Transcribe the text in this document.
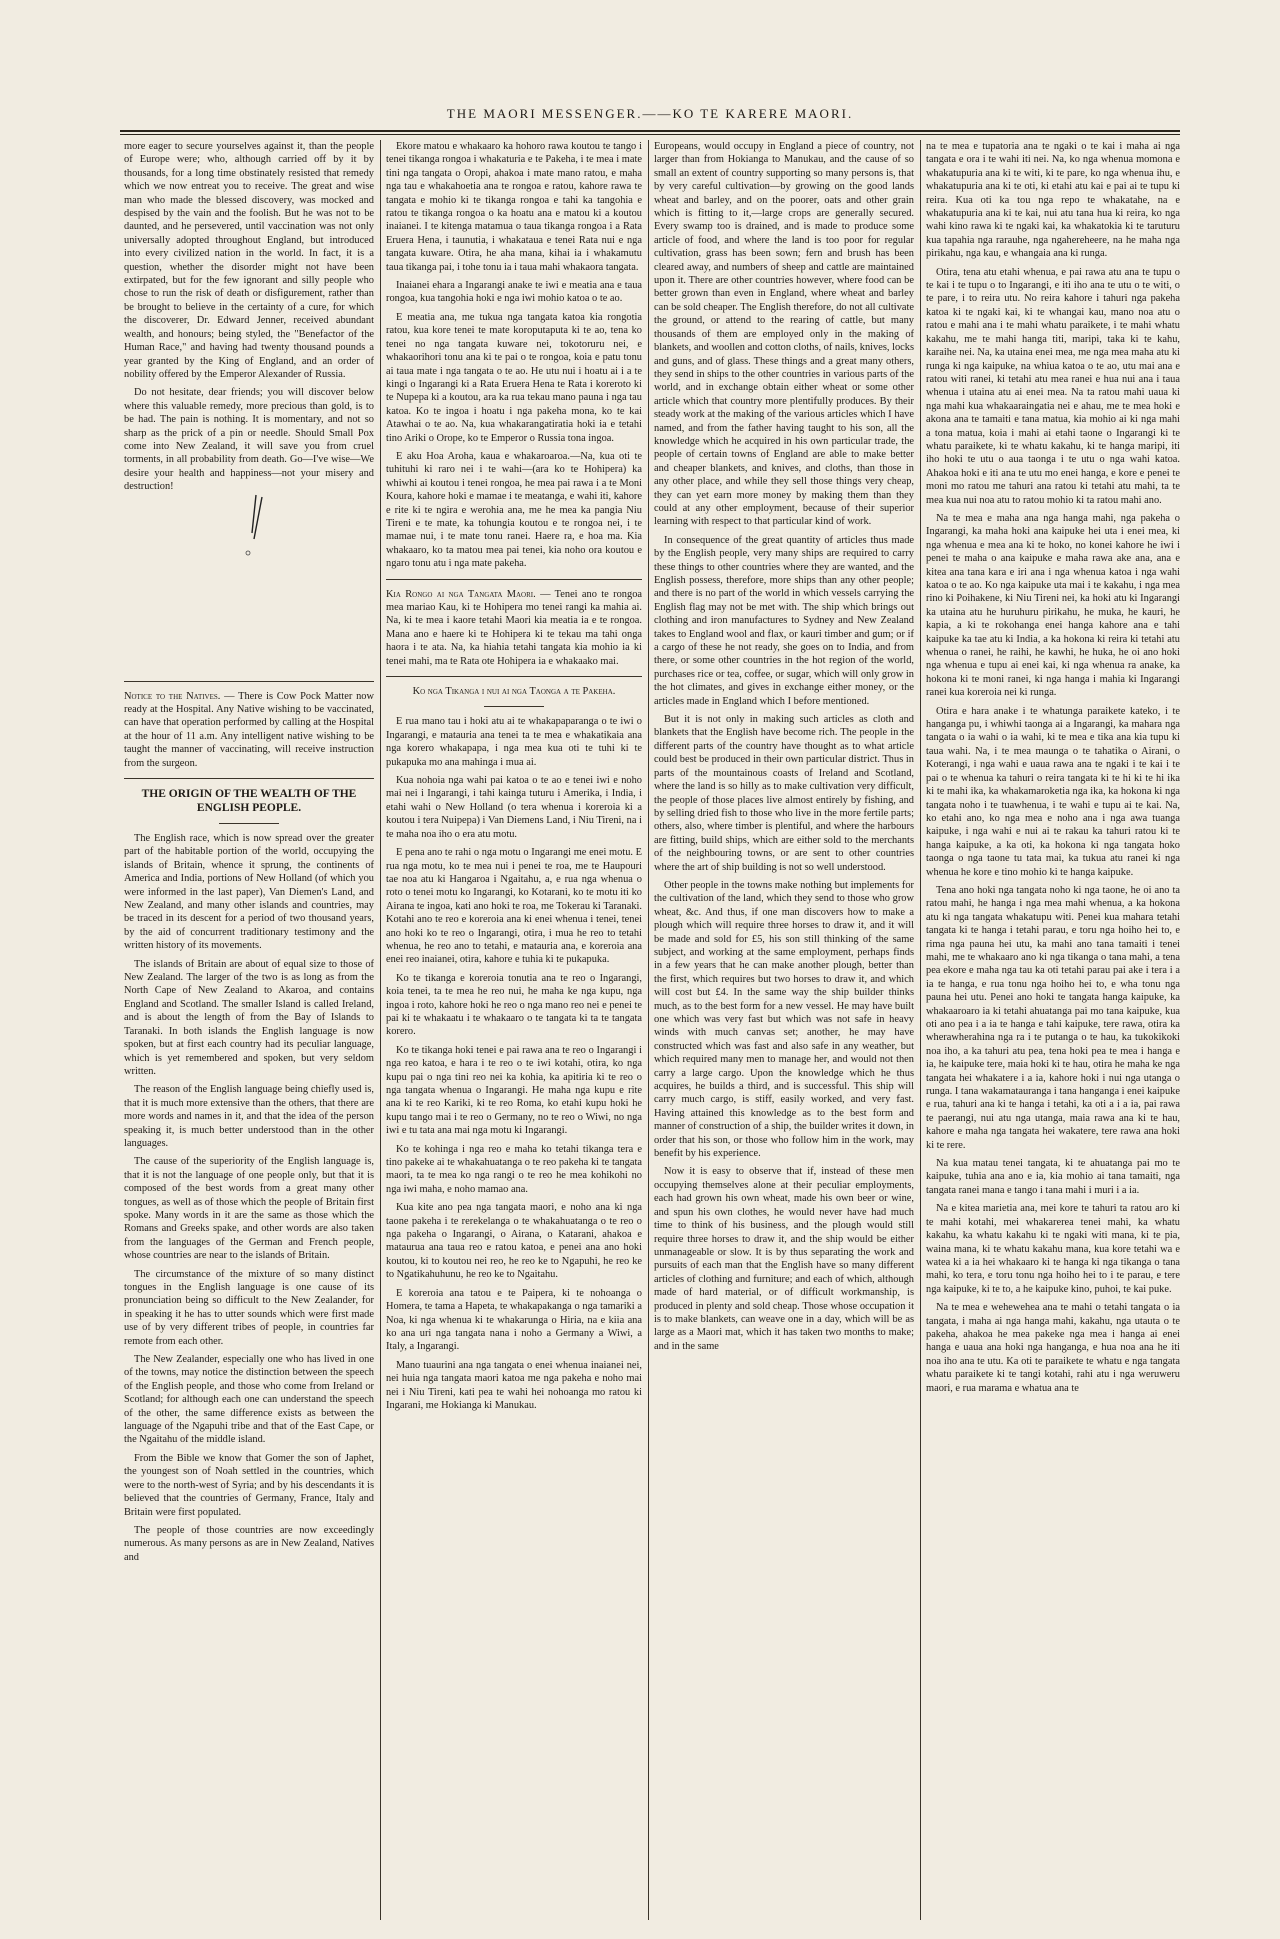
THE MAORI MESSENGER.——KO TE KARERE MAORI.

more eager to secure yourselves against it, than the people of Europe were; who, although carried off by it by thousands, for a long time obstinately resisted that remedy which we now entreat you to receive. The great and wise man who made the blessed discovery, was mocked and despised by the vain and the foolish. But he was not to be daunted, and he persevered, until vaccination was not only universally adopted throughout England, but introduced into every civilized nation in the world. In fact, it is a question, whether the disorder might not have been extirpated, but for the few ignorant and silly people who chose to run the risk of death or disfigurement, rather than be brought to believe in the certainty of a cure, for which the discoverer, Dr. Edward Jenner, received abundant wealth, and honours; being styled, the "Benefactor of the Human Race," and having had twenty thousand pounds a year granted by the King of England, and an order of nobility offered by the Emperor Alexander of Russia.

Do not hesitate, dear friends; you will discover below where this valuable remedy, more precious than gold, is to be had. The pain is nothing. It is momentary, and not so sharp as the prick of a pin or needle. Should Small Pox come into New Zealand, it will save you from cruel torments, in all probability from death. Go—I've wise—We desire your health and happiness—not your misery and destruction!

Notice to the Natives. — There is Cow Pock Matter now ready at the Hospital. Any Native wishing to be vaccinated, can have that operation performed by calling at the Hospital at the hour of 11 a.m. Any intelligent native wishing to be taught the manner of vaccinating, will receive instruction from the surgeon.

THE ORIGIN OF THE WEALTH OF THE ENGLISH PEOPLE.

The English race, which is now spread over the greater part of the habitable portion of the world, occupying the islands of Britain, whence it sprung, the continents of America and India, portions of New Holland (of which you were informed in the last paper), Van Diemen's Land, and New Zealand, and many other islands and countries, may be traced in its descent for a period of two thousand years, by the aid of concurrent traditionary testimony and the written history of its movements.

The islands of Britain are about of equal size to those of New Zealand. The larger of the two is as long as from the North Cape of New Zealand to Akaroa, and contains England and Scotland. The smaller Island is called Ireland, and is about the length of from the Bay of Islands to Taranaki. In both islands the English language is now spoken, but at first each country had its peculiar language, which is yet remembered and spoken, but very seldom written.

The reason of the English language being chiefly used is, that it is much more extensive than the others, that there are more words and names in it, and that the idea of the person speaking it, is much better understood than in the other languages.

The cause of the superiority of the English language is, that it is not the language of one people only, but that it is composed of the best words from a great many other tongues, as well as of those which the people of Britain first spoke. Many words in it are the same as those which the Romans and Greeks spake, and other words are also taken from the languages of the German and French people, whose countries are near to the islands of Britain.

The circumstance of the mixture of so many distinct tongues in the English language is one cause of its pronunciation being so difficult to the New Zealander, for in speaking it he has to utter sounds which were first made use of by very different tribes of people, in countries far remote from each other.

The New Zealander, especially one who has lived in one of the towns, may notice the distinction between the speech of the English people, and those who come from Ireland or Scotland; for although each one can understand the speech of the other, the same difference exists as between the language of the Ngapuhi tribe and that of the East Cape, or the Ngaitahu of the middle island.

From the Bible we know that Gomer the son of Japhet, the youngest son of Noah settled in the countries, which were to the north-west of Syria; and by his descendants it is believed that the countries of Germany, France, Italy and Britain were first populated.

The people of those countries are now exceedingly numerous. As many persons as are in New Zealand, Natives and

Ekore matou e whakaaro ka hohoro rawa koutou te tango i tenei tikanga rongoa i whakaturia e te Pakeha, i te mea i mate tini nga tangata o Oropi, ahakoa i mate mano ratou, e maha nga tau e whakahoetia ana te rongoa e ratou, kahore rawa te tangata e mohio ki te tikanga rongoa e tahi ka tangohia e ratou te tikanga rongoa o ka hoatu ana e matou ki a koutou inaianei. I te kitenga matamua o taua tikanga rongoa i a Rata Eruera Hena, i taunutia, i whakataua e tenei Rata nui e nga tangata kuware. Otira, he aha mana, kihai ia i whakamutu taua tikanga pai, i tohe tonu ia i taua mahi whakaora tangata.

Inaianei ehara a Ingarangi anake te iwi e meatia ana e taua rongoa, kua tangohia hoki e nga iwi mohio katoa o te ao.

E meatia ana, me tukua nga tangata katoa kia rongotia ratou, kua kore tenei te mate koroputaputa ki te ao, tena ko tenei no nga tangata kuware nei, tokotoruru nei, e whakaorihori tonu ana ki te pai o te rongoa, koia e patu tonu ai taua mate i nga tangata o te ao. He utu nui i hoatu ai i a te kingi o Ingarangi ki a Rata Eruera Hena te Rata i koreroto ki te Nupepa ki a koutou, ara ka rua tekau mano pauna i nga tau katoa. Ko te ingoa i hoatu i nga pakeha mona, ko te kai Atawhai o te ao. Na, kua whakarangatiratia hoki ia e tetahi tino Ariki o Orope, ko te Emperor o Russia tona ingoa.

E aku Hoa Aroha, kaua e whakaroaroa.—Na, kua oti te tuhituhi ki raro nei i te wahi—(ara ko te Hohipera) ka whiwhi ai koutou i tenei rongoa, he mea pai rawa i a te Moni Koura, kahore hoki e mamae i te meatanga, e wahi iti, kahore e rite ki te ngira e werohia ana, me he mea ka pangia Niu Tireni e te mate, ka tohungia koutou e te rongoa nei, i te mamae nui, i te mate tonu ranei. Haere ra, e hoa ma. Kia whakaaro, ko ta matou mea pai tenei, kia noho ora koutou e ngaro tonu atu i nga mate pakeha.

Kia Rongo ai nga Tangata Maori. — Tenei ano te rongoa mea mariao Kau, ki te Hohipera mo tenei rangi ka mahia ai. Na, ki te mea i kaore tetahi Maori kia meatia ia e te rongoa. Mana ano e haere ki te Hohipera ki te tekau ma tahi onga haora i te ata. Na, ka hiahia tetahi tangata kia mohio ia ki tenei mahi, ma te Rata ote Hohipera ia e whakaako mai.

Ko nga Tikanga i nui ai nga Taonga a te Pakeha.

E rua mano tau i hoki atu ai te whakapaparanga o te iwi o Ingarangi, e matauria ana tenei ta te mea e whakatikaia ana nga korero whakapapa, i nga mea kua oti te tuhi ki te pukapuka mo ana mahinga i mua ai.

Kua nohoia nga wahi pai katoa o te ao e tenei iwi e noho mai nei i Ingarangi, i tahi kainga tuturu i Amerika, i India, i etahi wahi o New Holland (o tera whenua i koreroia ki a koutou i tera Nuipepa) i Van Diemens Land, i Niu Tireni, na i te maha noa iho o era atu motu.

E pena ano te rahi o nga motu o Ingarangi me enei motu. E rua nga motu, ko te mea nui i penei te roa, me te Haupouri tae noa atu ki Hangaroa i Ngaitahu, a, e rua nga whenua o roto o tenei motu ko Ingarangi, ko Kotarani, ko te motu iti ko Airana te ingoa, kati ano hoki te roa, me Tokerau ki Taranaki. Kotahi ano te reo e koreroia ana ki enei whenua i tenei, tenei ano hoki ko te reo o Ingarangi, otira, i mua he reo to tetahi whenua, he reo ano to tetahi, e matauria ana, e koreroia ana enei reo inaianei, otira, kahore e tuhia ki te pukapuka.

Ko te tikanga e koreroia tonutia ana te reo o Ingarangi, koia tenei, ta te mea he reo nui, he maha ke nga kupu, nga ingoa i roto, kahore hoki he reo o nga mano reo nei e penei te pai ki te whakaatu i te whakaaro o te tangata ki ta te tangata korero.

Ko te tikanga hoki tenei e pai rawa ana te reo o Ingarangi i nga reo katoa, e hara i te reo o te iwi kotahi, otira, ko nga kupu pai o nga tini reo nei ka kohia, ka apitiria ki te reo o nga tangata whenua o Ingarangi. He maha nga kupu e rite ana ki te reo Kariki, ki te reo Roma, ko etahi kupu hoki he kupu tango mai i te reo o Germany, no te reo o Wiwi, no nga iwi e tu tata ana mai nga motu ki Ingarangi.

Ko te kohinga i nga reo e maha ko tetahi tikanga tera e tino pakeke ai te whakahuatanga o te reo pakeha ki te tangata maori, ta te mea ko nga rangi o te reo he mea kohikohi no nga iwi maha, e noho mamao ana.

Kua kite ano pea nga tangata maori, e noho ana ki nga taone pakeha i te rerekelanga o te whakahuatanga o te reo o nga pakeha o Ingarangi, o Airana, o Katarani, ahakoa e mataurua ana taua reo e ratou katoa, e penei ana ano hoki koutou, ki to koutou nei reo, he reo ke to Ngapuhi, he reo ke to Ngatikahuhunu, he reo ke to Ngaitahu.

E koreroia ana tatou e te Paipera, ki te nohoanga o Homera, te tama a Hapeta, te whakapakanga o nga tamariki a Noa, ki nga whenua ki te whakarunga o Hiria, na e kiia ana ko ana uri nga tangata nana i noho a Germany a Wiwi, a Italy, a Ingarangi.

Mano tuaurini ana nga tangata o enei whenua inaianei nei, nei huia nga tangata maori katoa me nga pakeha e noho mai nei i Niu Tireni, kati pea te wahi hei nohoanga mo ratou ki Ingarani, me Hokianga ki Manukau.

Europeans, would occupy in England a piece of country, not larger than from Hokianga to Manukau, and the cause of so small an extent of country supporting so many persons is, that by very careful cultivation—by growing on the good lands wheat and barley, and on the poorer, oats and other grain which is fitting to it,—large crops are generally secured. Every swamp too is drained, and is made to produce some article of food, and where the land is too poor for regular cultivation, grass has been sown; fern and brush has been cleared away, and numbers of sheep and cattle are maintained upon it. There are other countries however, where food can be better grown than even in England, where wheat and barley can be sold cheaper. The English therefore, do not all cultivate the ground, or attend to the rearing of cattle, but many thousands of them are employed only in the making of blankets, and woollen and cotton cloths, of nails, knives, locks and guns, and of glass. These things and a great many others, they send in ships to the other countries in various parts of the world, and in exchange obtain either wheat or some other article which that country more plentifully produces. By their steady work at the making of the various articles which I have named, and from the father having taught to his son, all the knowledge which he acquired in his own particular trade, the people of certain towns of England are able to make better and cheaper blankets, and knives, and cloths, than those in any other place, and while they sell those things very cheap, they can yet earn more money by making them than they could at any other employment, because of their superior learning with respect to that particular kind of work.

In consequence of the great quantity of articles thus made by the English people, very many ships are required to carry these things to other countries where they are wanted, and the English possess, therefore, more ships than any other people; and there is no part of the world in which vessels carrying the English flag may not be met with. The ship which brings out clothing and iron manufactures to Sydney and New Zealand takes to England wool and flax, or kauri timber and gum; or if a cargo of these he not ready, she goes on to India, and from there, or some other countries in the hot region of the world, purchases rice or tea, coffee, or sugar, which will only grow in the hot climates, and gives in exchange either money, or the articles made in England which I before mentioned.

But it is not only in making such articles as cloth and blankets that the English have become rich. The people in the different parts of the country have thought as to what article could best be produced in their own particular district. Thus in parts of the mountainous coasts of Ireland and Scotland, where the land is so hilly as to make cultivation very difficult, the people of those places live almost entirely by fishing, and by selling dried fish to those who live in the more fertile parts; others, also, where timber is plentiful, and where the harbours are fitting, build ships, which are either sold to the merchants of the neighbouring towns, or are sent to other countries where the art of ship building is not so well understood.

Other people in the towns make nothing but implements for the cultivation of the land, which they send to those who grow wheat, &c. And thus, if one man discovers how to make a plough which will require three horses to draw it, and it will be made and sold for £5, his son still thinking of the same subject, and working at the same employment, perhaps finds in a few years that he can make another plough, better than the first, which requires but two horses to draw it, and which will cost but £4. In the same way the ship builder thinks much, as to the best form for a new vessel. He may have built one which was very fast but which was not safe in heavy winds with much canvas set; another, he may have constructed which was fast and also safe in any weather, but which required many men to manage her, and would not then carry a large cargo. Upon the knowledge which he thus acquires, he builds a third, and is successful. This ship will carry much cargo, is stiff, easily worked, and very fast. Having attained this knowledge as to the best form and manner of construction of a ship, the builder writes it down, in order that his son, or those who follow him in the work, may benefit by his experience.

Now it is easy to observe that if, instead of these men occupying themselves alone at their peculiar employments, each had grown his own wheat, made his own beer or wine, and spun his own clothes, he would never have had much time to think of his business, and the plough would still require three horses to draw it, and the ship would be either unmanageable or slow. It is by thus separating the work and pursuits of each man that the English have so many different articles of clothing and furniture; and each of which, although made of hard material, or of difficult workmanship, is produced in plenty and sold cheap. Those whose occupation it is to make blankets, can weave one in a day, which will be as large as a Maori mat, which it has taken two months to make; and in the same

na te mea e tupatoria ana te ngaki o te kai i maha ai nga tangata e ora i te wahi iti nei. Na, ko nga whenua momona e whakatupuria ana ki te witi, ki te pare, ko nga whenua ihu, e whakatupuria ana ki te oti, ki etahi atu kai e pai ai te tupu ki reira. Kua oti ka tou nga repo te whakatahe, na e whakatupuria ana ki te kai, nui atu tana hua ki reira, ko nga wahi kino rawa ki te ngaki kai, ka whakatokia ki te taruturu kua tapahia nga rarauhe, nga ngahereheere, na he maha nga pirikahu, nga kau, e whangaia ana ki runga.

Otira, tena atu etahi whenua, e pai rawa atu ana te tupu o te kai i te tupu o to Ingarangi, e iti iho ana te utu o te witi, o te pare, i to reira utu. No reira kahore i tahuri nga pakeha katoa ki te ngaki kai, ki te whangai kau, mano noa atu o ratou e mahi ana i te mahi whatu paraikete, i te mahi whatu kakahu, me te mahi hanga titi, maripi, taka ki te kahu, karaihe nei. Na, ka utaina enei mea, me nga mea maha atu ki runga ki nga kaipuke, na whiua katoa o te ao, utu mai ana e ratou witi ranei, ki tetahi atu mea ranei e hua nui ana i taua whenua i utaina atu ai enei mea. Na ta ratou mahi uaua ki nga mahi kua whakaaraingatia nei e ahau, me te mea hoki e akona ana te tamaiti e tana matua, kia mohio ai ki nga mahi a tona matua, koia i mahi ai etahi taone o Ingarangi ki te whatu paraikete, ki te whatu kakahu, ki te hanga maripi, iti iho hoki te utu o aua taonga i te utu o nga wahi katoa. Ahakoa hoki e iti ana te utu mo enei hanga, e kore e penei te moni mo ratou me tahuri ana ratou ki tetahi atu mahi, ta te mea kua nui noa atu to ratou mohio ki ta ratou mahi ano.

Na te mea e maha ana nga hanga mahi, nga pakeha o Ingarangi, ka maha hoki ana kaipuke hei uta i enei mea, ki nga whenua e mea ana ki te hoko, no konei kahore he iwi i penei te maha o ana kaipuke e maha rawa ake ana, ana e kitea ana tana kara e iri ana i nga whenua katoa i nga wahi katoa o te ao. Ko nga kaipuke uta mai i te kakahu, i nga mea rino ki Poihakene, ki Niu Tireni nei, ka hoki atu ki Ingarangi ka utaina atu he huruhuru pirikahu, he muka, he kauri, he kapia, a ki te rokohanga enei hanga kahore ana e tahi kaipuke ka tae atu ki India, a ka hokona ki reira ki tetahi atu whenua o ranei, he raihi, he kawhi, he huka, he oi ano hoki nga whenua e tupu ai enei kai, ki nga whenua ra anake, ka hokona ki te moni ranei, ki nga hanga i mahia ki Ingarangi ranei kua koreroia nei ki runga.

Otira e hara anake i te whatunga paraikete kateko, i te hanganga pu, i whiwhi taonga ai a Ingarangi, ka mahara nga tangata o ia wahi o ia wahi, ki te mea e tika ana kia tupu ki taua wahi. Na, i te mea maunga o te tahatika o Airani, o Koterangi, i nga wahi e uaua rawa ana te ngaki i te kai i te pai o te whenua ka tahuri o reira tangata ki te hi ki te hi ika ki te mahi ika, ka whakamaroketia nga ika, ka hokona ki nga tangata noho i te tuawhenua, i te wahi e tupu ai te kai. Na, ko etahi ano, ko nga mea e noho ana i nga awa tuanga kaipuke, i nga wahi e nui ai te rakau ka tahuri ratou ki te hanga kaipuke, a ka oti, ka hokona ki nga tangata hoko taonga o nga taone tu tata mai, ka tukua atu ranei ki nga whenua he kore e tino mohio ki te hanga kaipuke.

Tena ano hoki nga tangata noho ki nga taone, he oi ano ta ratou mahi, he hanga i nga mea mahi whenua, a ka hokona atu ki nga tangata whakatupu witi. Penei kua mahara tetahi tangata ki te hanga i tetahi parau, e toru nga hoiho hei to, e rima nga pauna hei utu, ka mahi ano tana tamaiti i tenei mahi, me te whakaaro ano ki nga tikanga o tana mahi, a tena pea ekore e maha nga tau ka oti tetahi parau pai ake i tera i a ia te hanga, e rua tonu nga hoiho hei to, e wha tonu nga pauna hei utu. Penei ano hoki te tangata hanga kaipuke, ka whakaaroaro ia ki tetahi ahuatanga pai mo tana kaipuke, kua oti ano pea i a ia te hanga e tahi kaipuke, tere rawa, otira ka wherawherahina nga ra i te putanga o te hau, ka tukokikoki noa iho, a ka tahuri atu pea, tena hoki pea te mea i hanga e ia, he kaipuke tere, maia hoki ki te hau, otira he maha ke nga tangata hei whakatere i a ia, kahore hoki i nui nga utanga o runga. I tana wakamatauranga i tana hanganga i enei kaipuke e rua, tahuri ana ki te hanga i tetahi, ka oti a i a ia, pai rawa te paerangi, nui atu nga utanga, maia rawa ana ki te hau, kahore e maha nga tangata hei wakatere, tere rawa ana hoki ki te rere.

Na kua matau tenei tangata, ki te ahuatanga pai mo te kaipuke, tuhia ana ano e ia, kia mohio ai tana tamaiti, nga tangata ranei mana e tango i tana mahi i muri i a ia.

Na e kitea marietia ana, mei kore te tahuri ta ratou aro ki te mahi kotahi, mei whakarerea tenei mahi, ka whatu kakahu, ka whatu kakahu ki te ngaki witi mana, ki te pia, waina mana, ki te whatu kakahu mana, kua kore tetahi wa e watea ki a ia hei whakaaro ki te hanga ki nga tikanga o tana mahi, ko tera, e toru tonu nga hoiho hei to i te parau, e tere nga kaipuke, ki te to, a he kaipuke kino, puhoi, te kai puke.

Na te mea e wehewehea ana te mahi o tetahi tangata o ia tangata, i maha ai nga hanga mahi, kakahu, nga utauta o te pakeha, ahakoa he mea pakeke nga mea i hanga ai enei hanga e uaua ana hoki nga hanganga, e hua noa ana he iti noa iho ana te utu. Ka oti te paraikete te whatu e nga tangata whatu paraikete ki te tangi kotahi, rahi atu i nga weruweru maori, e rua marama e whatua ana te
